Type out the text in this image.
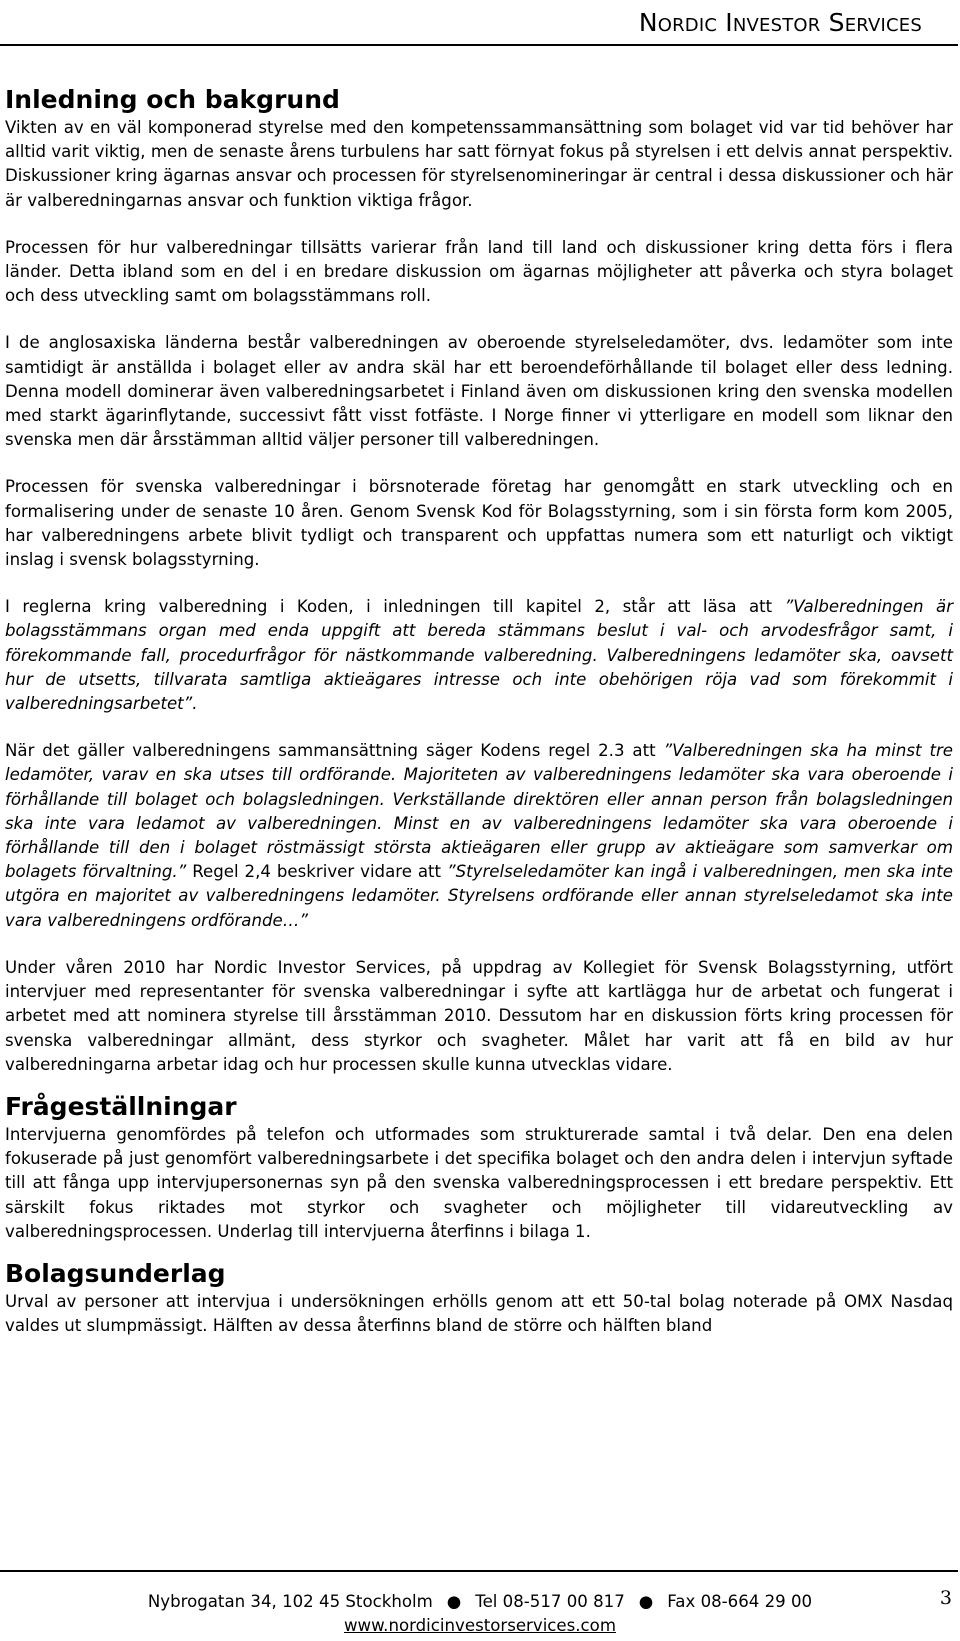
Nordic Investor Services
Inledning och bakgrund

Vikten av en väl komponerad styrelse med den kompetenssammansättning som bolaget vid var tid behöver har alltid varit viktig, men de senaste årens turbulens har satt förnyat fokus på styrelsen i ett delvis annat perspektiv. Diskussioner kring ägarnas ansvar och processen för styrelsenomineringar är central i dessa diskussioner och här är valberedningarnas ansvar och funktion viktiga frågor.

Processen för hur valberedningar tillsätts varierar från land till land och diskussioner kring detta förs i flera länder. Detta ibland som en del i en bredare diskussion om ägarnas möjligheter att påverka och styra bolaget och dess utveckling samt om bolagsstämmans roll.

I de anglosaxiska länderna består valberedningen av oberoende styrelseledamöter, dvs. ledamöter som inte samtidigt är anställda i bolaget eller av andra skäl har ett beroendeförhållande til bolaget eller dess ledning. Denna modell dominerar även valberedningsarbetet i Finland även om diskussionen kring den svenska modellen med starkt ägarinflytande, successivt fått visst fotfäste. I Norge finner vi ytterligare en modell som liknar den svenska men där årsstämman alltid väljer personer till valberedningen.

Processen för svenska valberedningar i börsnoterade företag har genomgått en stark utveckling och en formalisering under de senaste 10 åren. Genom Svensk Kod för Bolagsstyrning, som i sin första form kom 2005, har valberedningens arbete blivit tydligt och transparent och uppfattas numera som ett naturligt och viktigt inslag i svensk bolagsstyrning.

I reglerna kring valberedning i Koden, i inledningen till kapitel 2, står att läsa att ”Valberedningen är bolagsstämmans organ med enda uppgift att bereda stämmans beslut i val- och arvodesfrågor samt, i förekommande fall, procedurfrågor för nästkommande valberedning. Valberedningens ledamöter ska, oavsett hur de utsetts, tillvarata samtliga aktieägares intresse och inte obehörigen röja vad som förekommit i valberedningsarbetet”.

När det gäller valberedningens sammansättning säger Kodens regel 2.3 att ”Valberedningen ska ha minst tre ledamöter, varav en ska utses till ordförande. Majoriteten av valberedningens ledamöter ska vara oberoende i förhållande till bolaget och bolagsledningen. Verkställande direktören eller annan person från bolagsledningen ska inte vara ledamot av valberedningen. Minst en av valberedningens ledamöter ska vara oberoende i förhållande till den i bolaget röstmässigt största aktieägaren eller grupp av aktieägare som samverkar om bolagets förvaltning.” Regel 2,4 beskriver vidare att ”Styrelseledamöter kan ingå i valberedningen, men ska inte utgöra en majoritet av valberedningens ledamöter. Styrelsens ordförande eller annan styrelseledamot ska inte vara valberedningens ordförande…”

Under våren 2010 har Nordic Investor Services, på uppdrag av Kollegiet för Svensk Bolagsstyrning, utfört intervjuer med representanter för svenska valberedningar i syfte att kartlägga hur de arbetat och fungerat i arbetet med att nominera styrelse till årsstämman 2010. Dessutom har en diskussion förts kring processen för svenska valberedningar allmänt, dess styrkor och svagheter. Målet har varit att få en bild av hur valberedningarna arbetar idag och hur processen skulle kunna utvecklas vidare.

Frågeställningar

Intervjuerna genomfördes på telefon och utformades som strukturerade samtal i två delar. Den ena delen fokuserade på just genomfört valberedningsarbete i det specifika bolaget och den andra delen i intervjun syftade till att fånga upp intervjupersonernas syn på den svenska valberedningsprocessen i ett bredare perspektiv. Ett särskilt fokus riktades mot styrkor och svagheter och möjligheter till vidareutveckling av valberedningsprocessen. Underlag till intervjuerna återfinns i bilaga 1.

Bolagsunderlag

Urval av personer att intervjua i undersökningen erhölls genom att ett 50-tal bolag noterade på OMX Nasdaq valdes ut slumpmässigt. Hälften av dessa återfinns bland de större och hälften bland

Nybrogatan 34, 102 45 Stockholm ● Tel 08-517 00 817 ● Fax 08-664 29 00
www.nordicinvestorservices.com
3
